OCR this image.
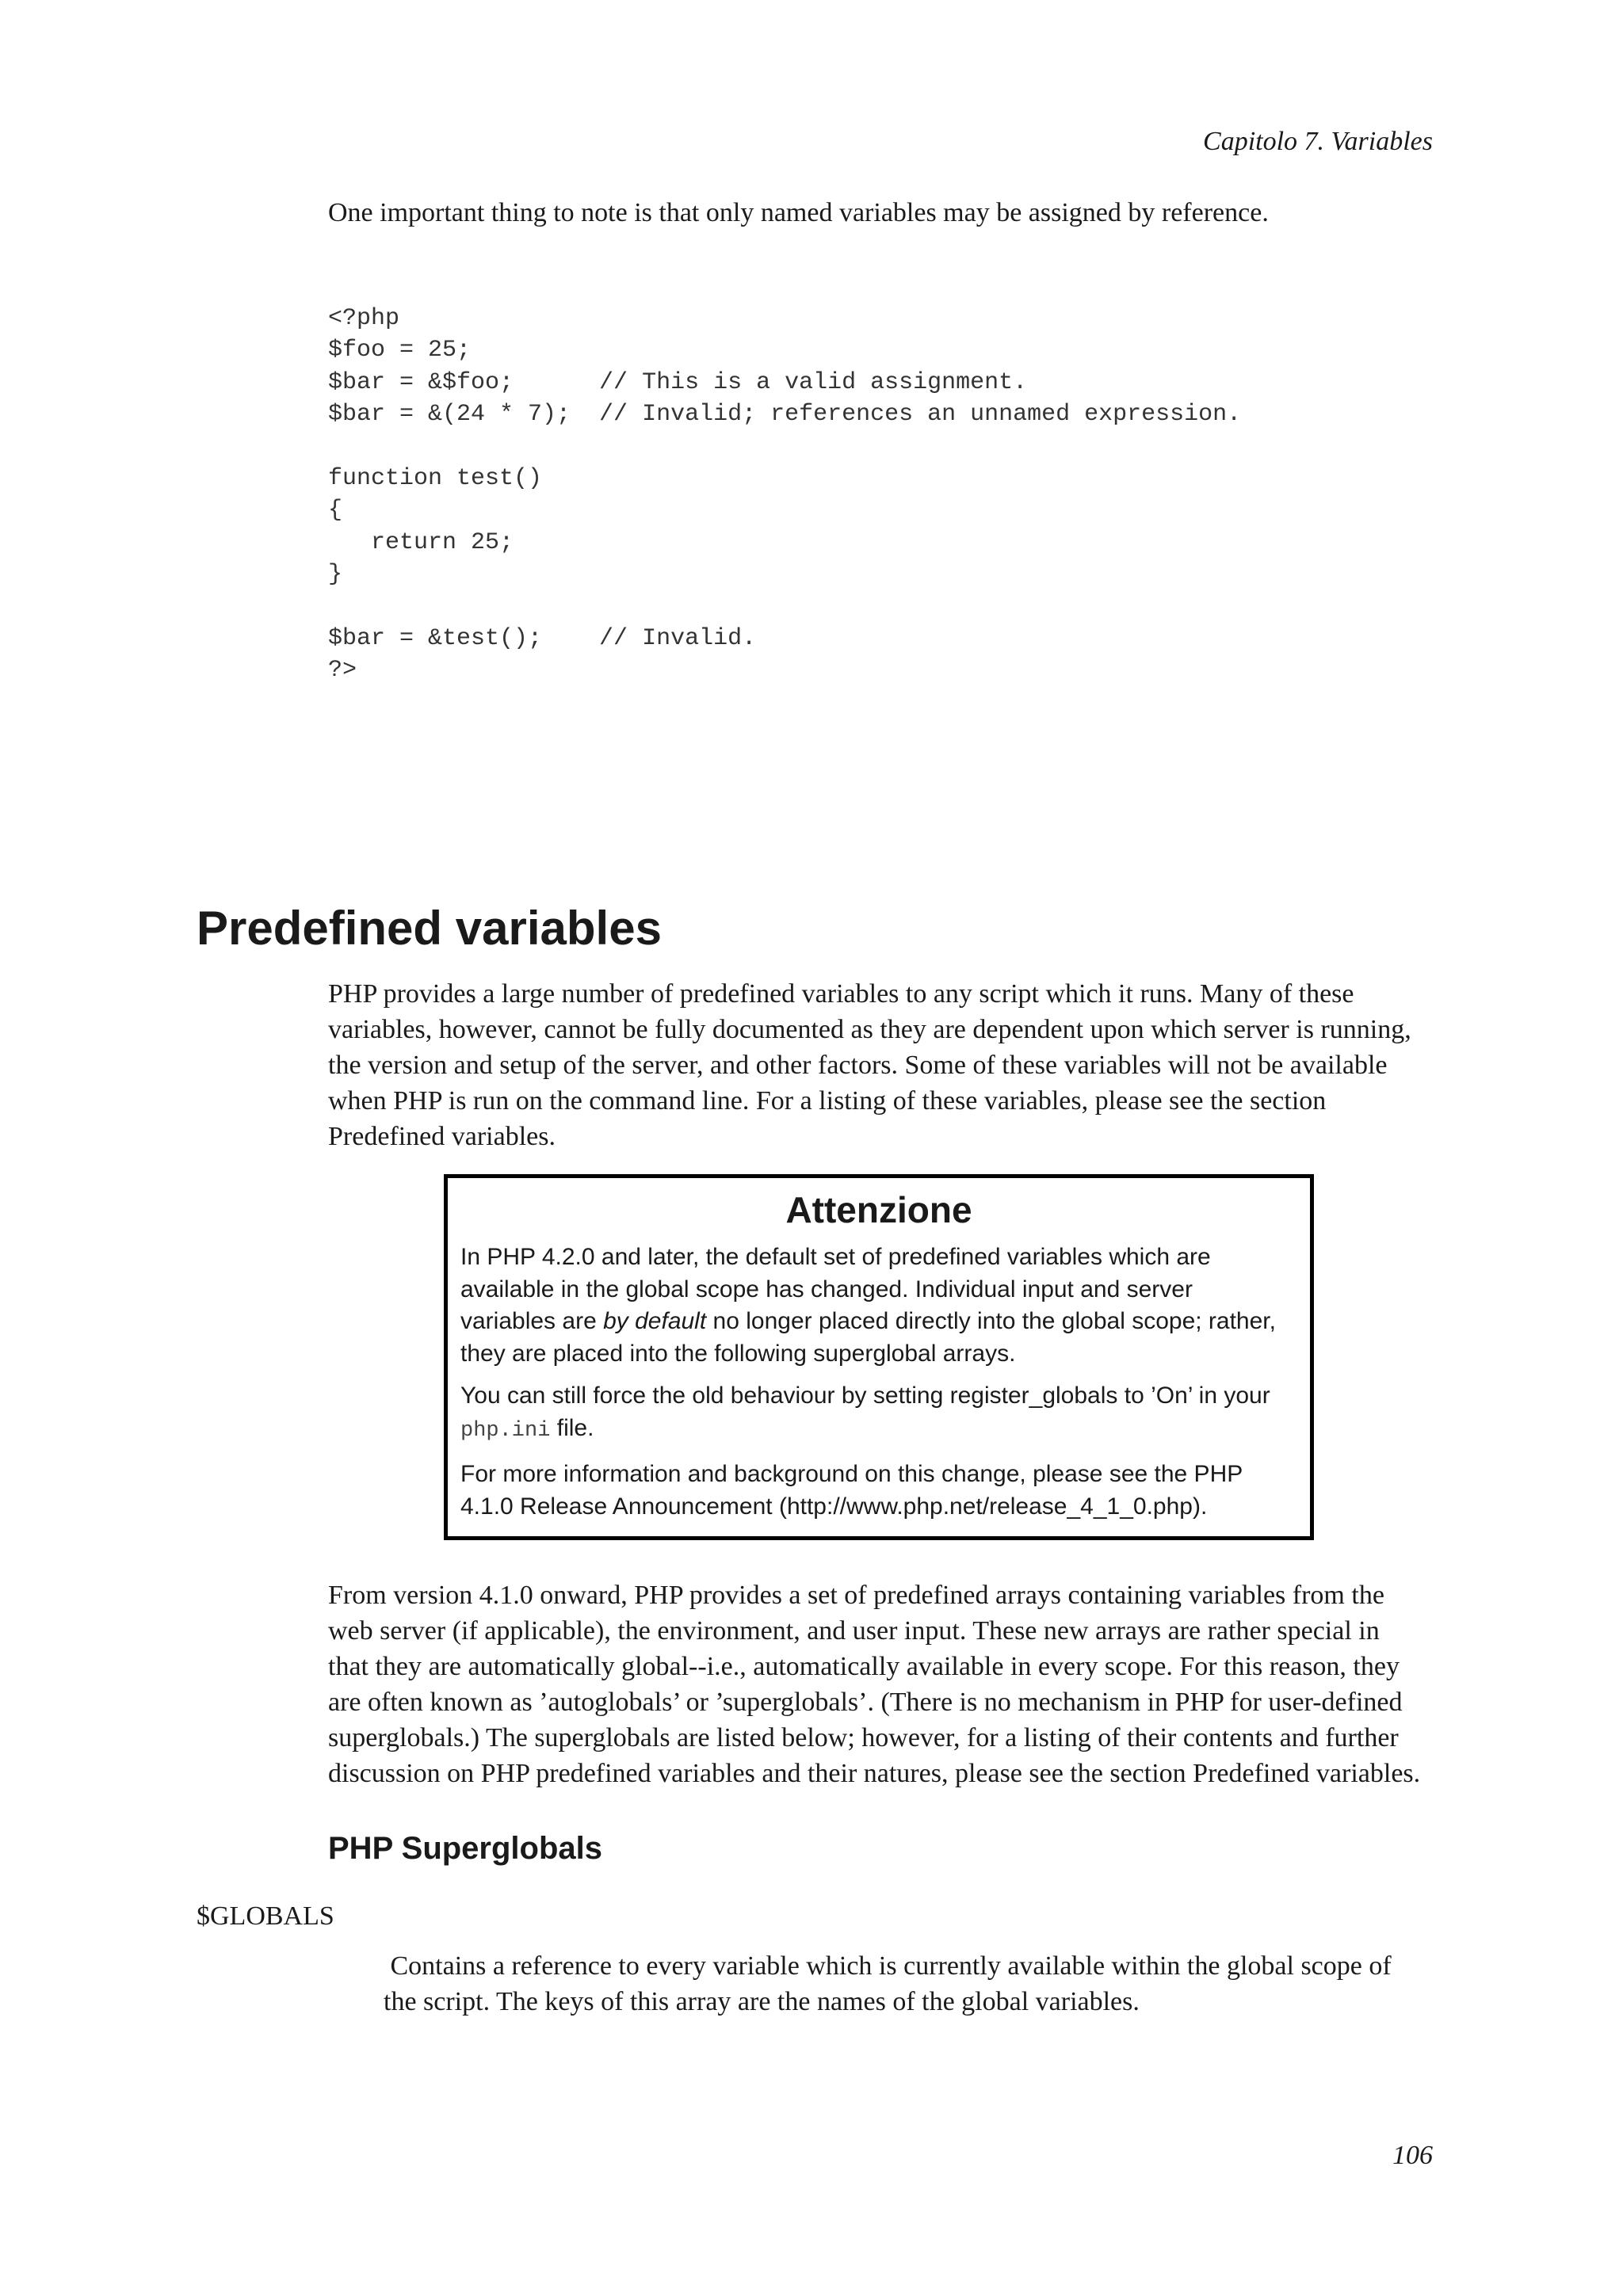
Capitolo 7. Variables

One important thing to note is that only named variables may be assigned by reference.

<?php
$foo = 25;
$bar = &$foo;      // This is a valid assignment.
$bar = &(24 * 7);  // Invalid; references an unnamed expression.

function test()
{
return 25;
}

$bar = &test();    // Invalid.
?>
Predefined variables

PHP provides a large number of predefined variables to any script which it runs. Many of these
variables, however, cannot be fully documented as they are dependent upon which server is running,
the version and setup of the server, and other factors. Some of these variables will not be available
when PHP is run on the command line. For a listing of these variables, please see the section
Predefined variables.

Attenzione

In PHP 4.2.0 and later, the default set of predefined variables which are
available in the global scope has changed. Individual input and server
variables are by default no longer placed directly into the global scope; rather,
they are placed into the following superglobal arrays.

You can still force the old behaviour by setting register_globals to ’On’ in your
php.ini file.

For more information and background on this change, please see the PHP
4.1.0 Release Announcement (http://www.php.net/release_4_1_0.php).

From version 4.1.0 onward, PHP provides a set of predefined arrays containing variables from the
web server (if applicable), the environment, and user input. These new arrays are rather special in
that they are automatically global--i.e., automatically available in every scope. For this reason, they
are often known as ’autoglobals’ or ’superglobals’. (There is no mechanism in PHP for user-defined
superglobals.) The superglobals are listed below; however, for a listing of their contents and further
discussion on PHP predefined variables and their natures, please see the section Predefined variables.

PHP Superglobals
$GLOBALS

Contains a reference to every variable which is currently available within the global scope of
the script. The keys of this array are the names of the global variables.

106
